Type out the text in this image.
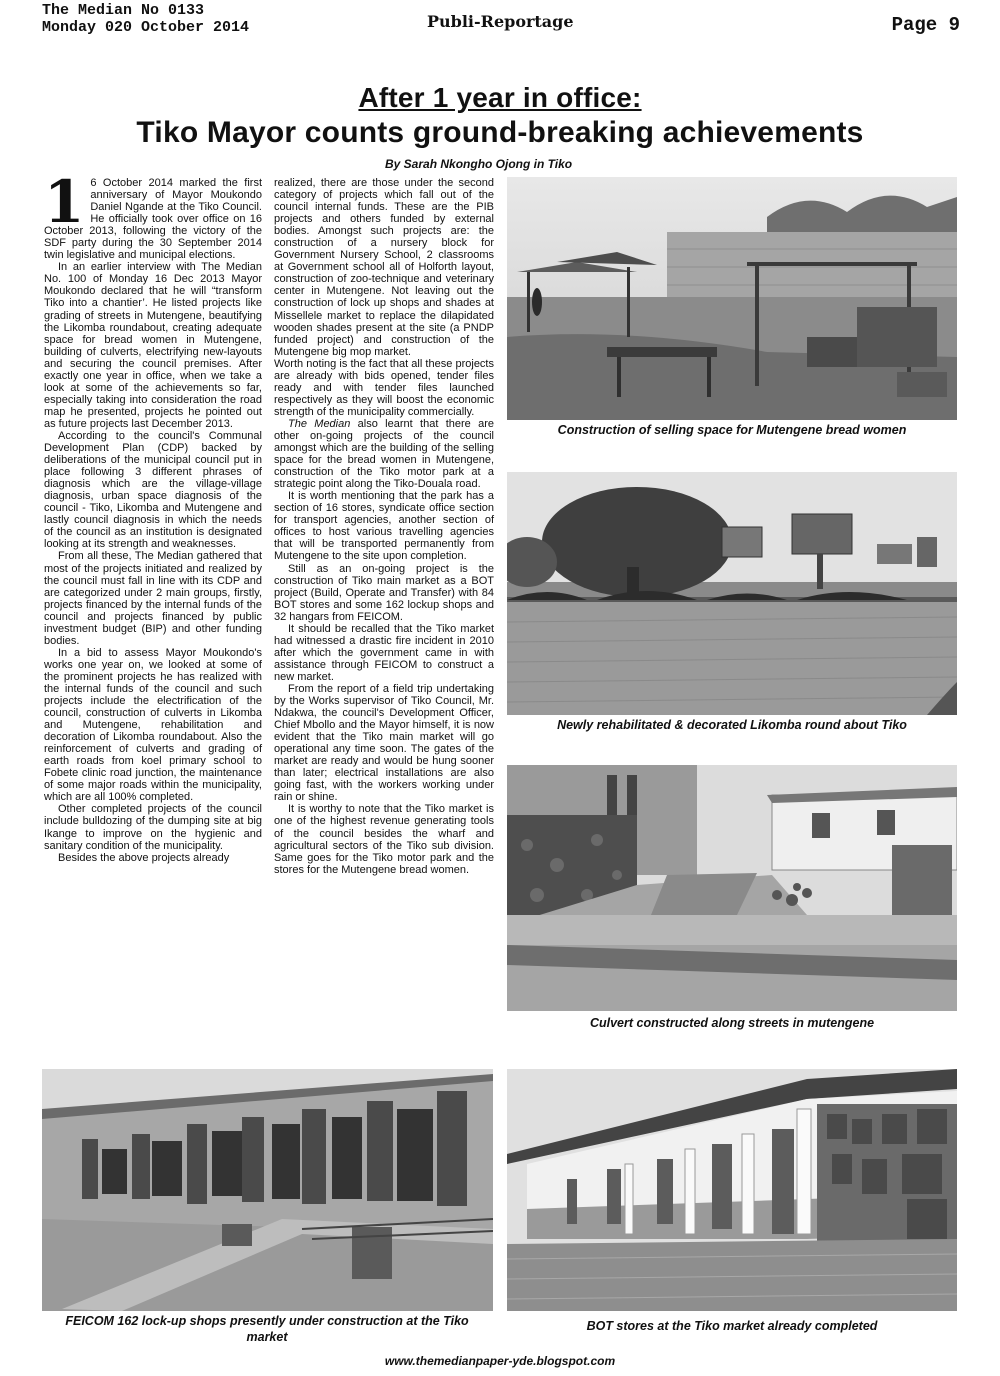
The Median No 0133
Monday 020 October 2014	Publi-Reportage	Page 9
After 1 year in office:
Tiko Mayor counts ground-breaking achievements
By Sarah Nkongho Ojong in Tiko
1 6 October 2014 marked the first anniversary of Mayor Moukondo Daniel Ngande at the Tiko Council. He officially took over office on 16 October 2013, following the victory of the SDF party during the 30 September 2014 twin legislative and municipal elections.

In an earlier interview with The Median No. 100 of Monday 16 Dec 2013 Mayor Moukondo declared that he will “transform Tiko into a chantier’. He listed projects like grading of streets in Mutengene, beautifying the Likomba roundabout, creating adequate space for bread women in Mutengene, building of culverts, electrifying new-layouts and securing the council premises. After exactly one year in office, when we take a look at some of the achievements so far, especially taking into consideration the road map he presented, projects he pointed out as future projects last December 2013.

According to the council's Communal Development Plan (CDP) backed by deliberations of the municipal council put in place following 3 different phrases of diagnosis which are the village-village diagnosis, urban space diagnosis of the council - Tiko, Likomba and Mutengene and lastly council diagnosis in which the needs of the council as an institution is designated looking at its strength and weaknesses.

From all these, The Median gathered that most of the projects initiated and realized by the council must fall in line with its CDP and are categorized under 2 main groups, firstly, projects financed by the internal funds of the council and projects financed by public investment budget (BIP) and other funding bodies.

In a bid to assess Mayor Moukondo's works one year on, we looked at some of the prominent projects he has realized with the internal funds of the council and such projects include the electrification of the council, construction of culverts in Likomba and Mutengene, rehabilitation and decoration of Likomba roundabout. Also the reinforcement of culverts and grading of earth roads from koel primary school to Fobete clinic road junction, the maintenance of some major roads within the municipality, which are all 100% completed.

Other completed projects of the council include bulldozing of the dumping site at big Ikange to improve on the hygienic and sanitary condition of the municipality.

Besides the above projects already

realized, there are those under the second category of projects which fall out of the council internal funds. These are the PIB projects and others funded by external bodies. Amongst such projects are: the construction of a nursery block for Government Nursery School, 2 classrooms at Government school all of Holforth layout, construction of zoo-technique and veterinary center in Mutengene. Not leaving out the construction of lock up shops and shades at Missellele market to replace the dilapidated wooden shades present at the site (a PNDP funded project) and construction of the Mutengene big mop market.

Worth noting is the fact that all these projects are already with bids opened, tender files ready and with tender files launched respectively as they will boost the economic strength of the municipality commercially.

The Median also learnt that there are other on-going projects of the council amongst which are the building of the selling space for the bread women in Mutengene, construction of the Tiko motor park at a strategic point along the Tiko-Douala road.

It is worth mentioning that the park has a section of 16 stores, syndicate office section for transport agencies, another section of offices to host various travelling agencies that will be transported permanently from Mutengene to the site upon completion.

Still as an on-going project is the construction of Tiko main market as a BOT project (Build, Operate and Transfer) with 84 BOT stores and some 162 lockup shops and 32 hangars from FEICOM.

It should be recalled that the Tiko market had witnessed a drastic fire incident in 2010 after which the government came in with assistance through FEICOM to construct a new market.

From the report of a field trip undertaking by the Works supervisor of Tiko Council, Mr. Ndakwa, the council's Development Officer, Chief Mbollo and the Mayor himself, it is now evident that the Tiko main market will go operational any time soon. The gates of the market are ready and would be hung sooner than later; electrical installations are also going fast, with the workers working under rain or shine.

It is worthy to note that the Tiko market is one of the highest revenue generating tools of the council besides the wharf and agricultural sectors of the Tiko sub division. Same goes for the Tiko motor park and the stores for the Mutengene bread women.

Construction of selling space for Mutengene bread women
Newly rehabilitated & decorated Likomba round about Tiko
Culvert constructed along streets in mutengene
FEICOM 162 lock-up shops presently under construction at the Tiko market
BOT stores at the Tiko market already completed
www.themedianpaper-yde.blogspot.com
